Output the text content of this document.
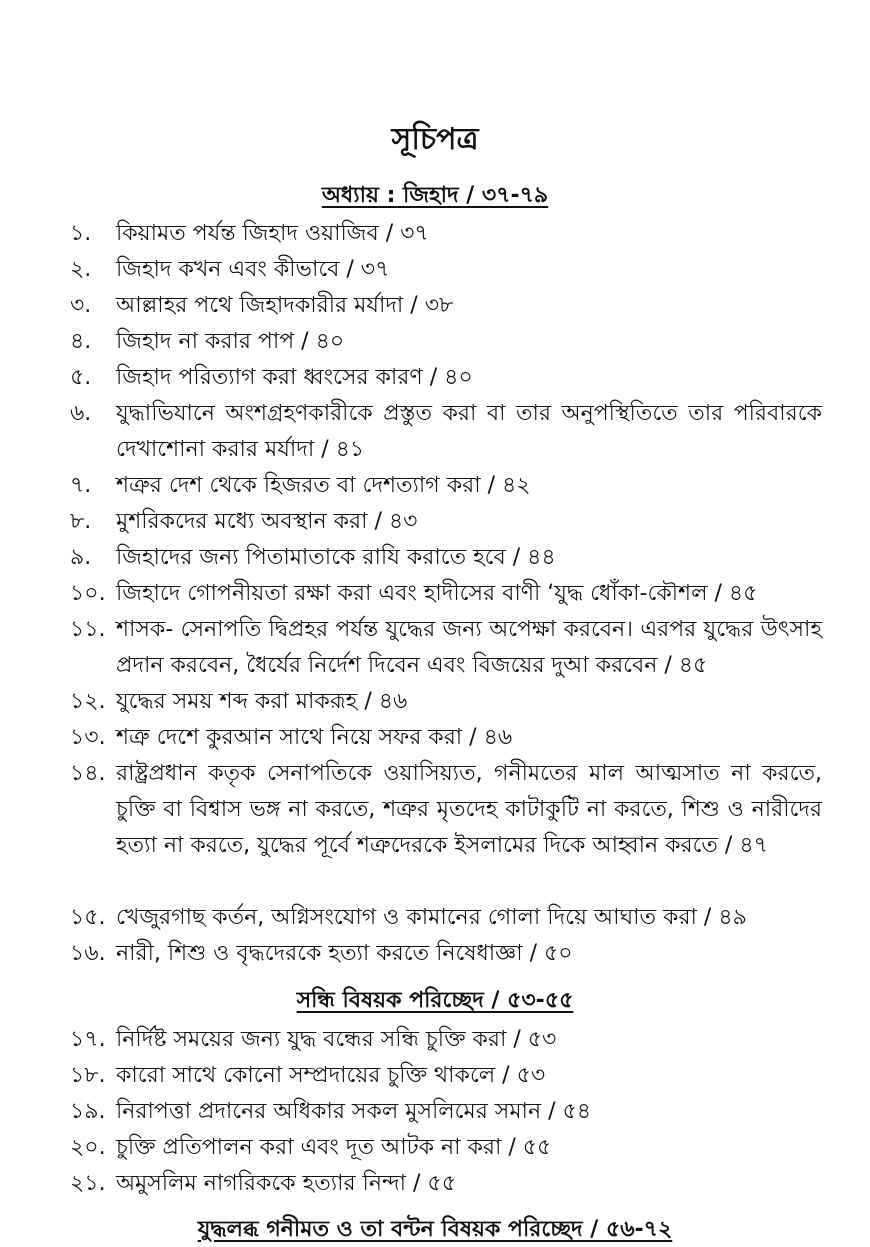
সূচিপত্র
অধ্যায় : জিহাদ / ৩৭-৭৯
১.	কিয়ামত পর্যন্ত জিহাদ ওয়াজিব / ৩৭
২.	জিহাদ কখন এবং কীভাবে / ৩৭
৩.	আল্লাহর পথে জিহাদকারীর মর্যাদা / ৩৮
৪.	জিহাদ না করার পাপ / ৪০
৫.	জিহাদ পরিত্যাগ করা ধ্বংসের কারণ / ৪০
৬.	যুদ্ধাভিযানে অংশগ্রহণকারীকে প্রস্তুত করা বা তার অনুপস্থিতিতে তার পরিবারকে দেখাশোনা করার মর্যাদা / ৪১
৭.	শত্রুর দেশ থেকে হিজরত বা দেশত্যাগ করা / ৪২
৮.	মুশরিকদের মধ্যে অবস্থান করা / ৪৩
৯.	জিহাদের জন্য পিতামাতাকে রাযি করাতে হবে / ৪৪
১০. জিহাদে গোপনীয়তা রক্ষা করা এবং হাদীসের বাণী ‘যুদ্ধ ধোঁকা-কৌশল / ৪৫
১১. শাসক- সেনাপতি দ্বিপ্রহর পর্যন্ত যুদ্ধের জন্য অপেক্ষা করবেন। এরপর যুদ্ধের উৎসাহ প্রদান করবেন, ধৈর্যের নির্দেশ দিবেন এবং বিজয়ের দুআ করবেন / ৪৫
১২. যুদ্ধের সময় শব্দ করা মাকরূহ / ৪৬
১৩. শত্রু দেশে কুরআন সাথে নিয়ে সফর করা / ৪৬
১৪. রাষ্ট্রপ্রধান কতৃক সেনাপতিকে ওয়াসিয়্যত, গনীমতের মাল আত্মসাত না করতে, চুক্তি বা বিশ্বাস ভঙ্গ না করতে, শত্রুর মৃতদেহ কাটাকুটি না করতে, শিশু ও নারীদের হত্যা না করতে, যুদ্ধের পূর্বে শত্রুদেরকে ইসলামের দিকে আহ্বান করতে / ৪৭
১৫. খেজুরগাছ কর্তন, অগ্নিসংযোগ ও কামানের গোলা দিয়ে আঘাত করা / ৪৯
১৬. নারী, শিশু ও বৃদ্ধদেরকে হত্যা করতে নিষেধাজ্ঞা / ৫০
সন্ধি বিষয়ক পরিচ্ছেদ / ৫৩-৫৫
১৭. নির্দিষ্ট সময়ের জন্য যুদ্ধ বন্ধের সন্ধি চুক্তি করা / ৫৩
১৮. কারো সাথে কোনো সম্প্রদায়ের চুক্তি থাকলে / ৫৩
১৯. নিরাপত্তা প্রদানের অধিকার সকল মুসলিমের সমান / ৫৪
২০. চুক্তি প্রতিপালন করা এবং দূত আটক না করা / ৫৫
২১. অমুসলিম নাগরিককে হত্যার নিন্দা / ৫৫
যুদ্ধলব্ধ গনীমত ও তা বন্টন বিষয়ক পরিচ্ছেদ / ৫৬-৭২
